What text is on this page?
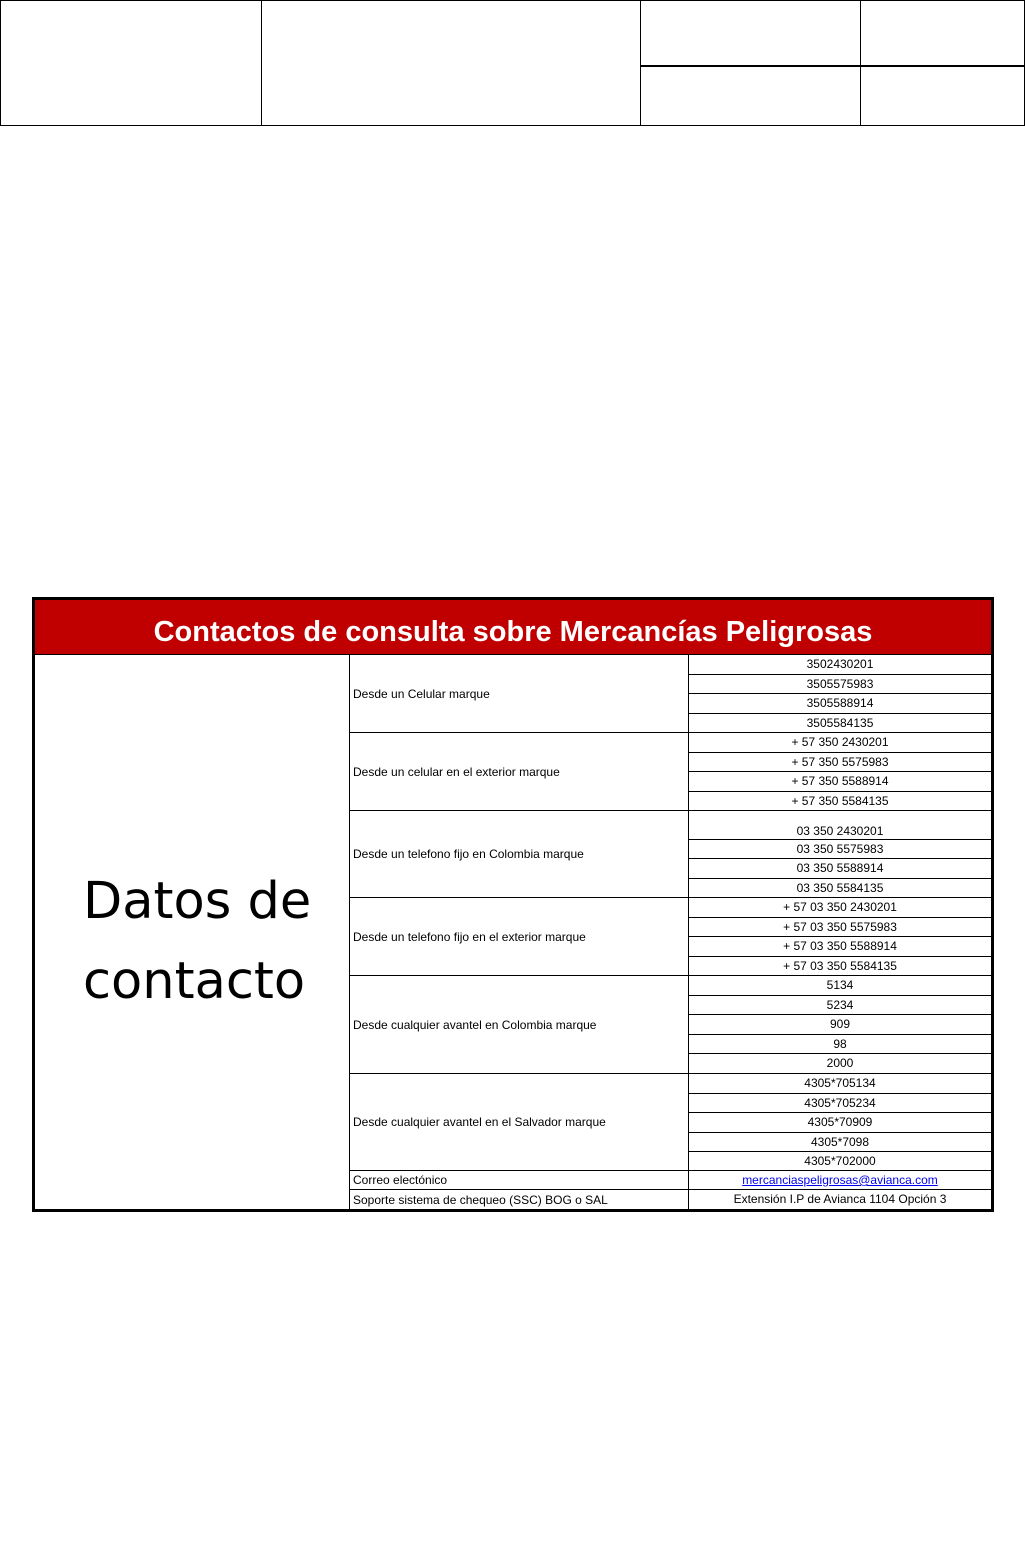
Contactos de consulta sobre Mercancías Peligrosas
Datos de
contacto
Desde un Celular marque
3502430201
3505575983
3505588914
3505584135
Desde un celular en el exterior marque
+ 57 350 2430201
+ 57 350 5575983
+ 57 350 5588914
+ 57 350 5584135
Desde un telefono fijo en Colombia marque
03 350 2430201
03 350 5575983
03 350 5588914
03 350 5584135
Desde un telefono fijo en el exterior marque
+ 57 03 350 2430201
+ 57 03 350 5575983
+ 57 03 350 5588914
+ 57 03 350 5584135
Desde cualquier avantel en Colombia marque
5134
5234
909
98
2000
Desde cualquier avantel en el Salvador marque
4305*705134
4305*705234
4305*70909
4305*7098
4305*702000
Correo electónico	mercanciaspeligrosas@avianca.com
Soporte sistema de chequeo (SSC) BOG o SAL	Extensión I.P de Avianca 1104 Opción 3
